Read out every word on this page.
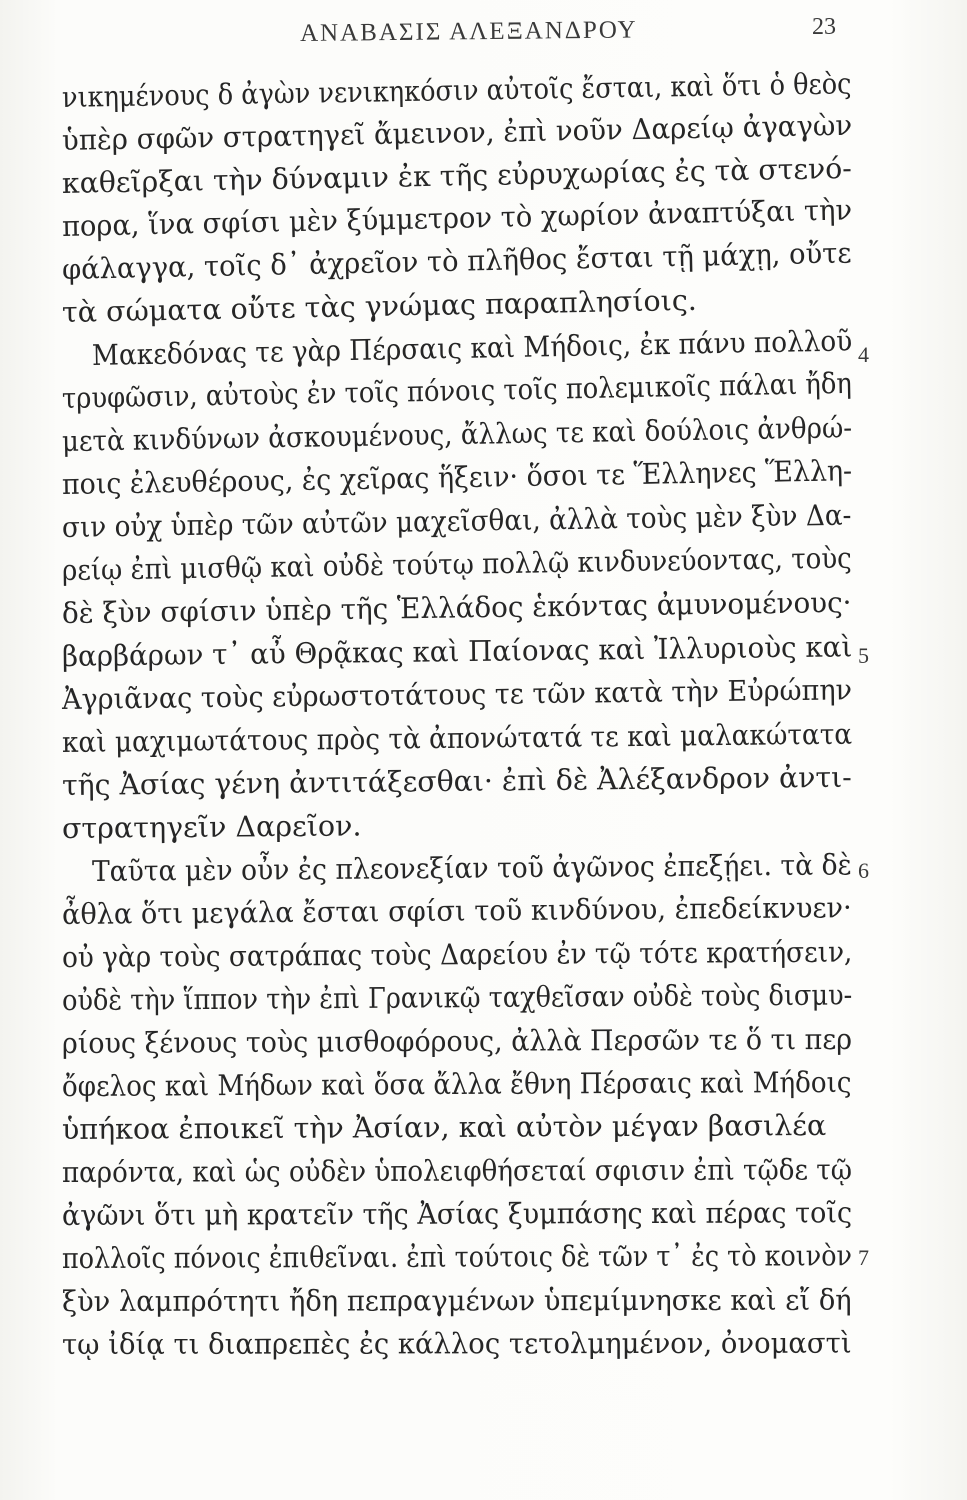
ΑΝΑΒΑΣΙΣ ΑΛΕΞΑΝΔΡΟΥ	23
νικημένους δ ἀγὼν νενικηκόσιν αὐτοῖς ἔσται, καὶ ὅτι ὁ θεὸς
ὑπὲρ σφῶν στρατηγεῖ ἄμεινον, ἐπὶ νοῦν Δαρείῳ ἀγαγὼν
καθεῖρξαι τὴν δύναμιν ἐκ τῆς εὐρυχωρίας ἐς τὰ στενό-
πορα, ἵνα σφίσι μὲν ξύμμετρον τὸ χωρίον ἀναπτύξαι τὴν
φάλαγγα, τοῖς δ᾽ ἀχρεῖον τὸ πλῆθος ἔσται τῇ μάχῃ, οὔτε
τὰ σώματα οὔτε τὰς γνώμας παραπλησίοις.
Μακεδόνας τε γὰρ Πέρσαις καὶ Μήδοις, ἐκ πάνυ πολλοῦ
τρυφῶσιν, αὐτοὺς ἐν τοῖς πόνοις τοῖς πολεμικοῖς πάλαι ἤδη
μετὰ κινδύνων ἀσκουμένους, ἄλλως τε καὶ δούλοις ἀνθρώ-
ποις ἐλευθέρους, ἐς χεῖρας ἥξειν· ὅσοι τε Ἕλληνες Ἕλλη-
σιν οὐχ ὑπὲρ τῶν αὐτῶν μαχεῖσθαι, ἀλλὰ τοὺς μὲν ξὺν Δα-
ρείῳ ἐπὶ μισθῷ καὶ οὐδὲ τούτῳ πολλῷ κινδυνεύοντας, τοὺς
δὲ ξὺν σφίσιν ὑπὲρ τῆς Ἑλλάδος ἑκόντας ἀμυνομένους·
βαρβάρων τ᾽ αὖ Θρᾷκας καὶ Παίονας καὶ Ἰλλυριοὺς καὶ
Ἀγριᾶνας τοὺς εὐρωστοτάτους τε τῶν κατὰ τὴν Εὐρώπην
καὶ μαχιμωτάτους πρὸς τὰ ἀπονώτατά τε καὶ μαλακώτατα
τῆς Ἀσίας γένη ἀντιτάξεσθαι· ἐπὶ δὲ Ἀλέξανδρον ἀντι-
στρατηγεῖν Δαρεῖον.
Ταῦτα μὲν οὖν ἐς πλεονεξίαν τοῦ ἀγῶνος ἐπεξῄει. τὰ δὲ
ἆθλα ὅτι μεγάλα ἔσται σφίσι τοῦ κινδύνου, ἐπεδείκνυεν·
οὐ γὰρ τοὺς σατράπας τοὺς Δαρείου ἐν τῷ τότε κρατήσειν,
οὐδὲ τὴν ἵππον τὴν ἐπὶ Γρανικῷ ταχθεῖσαν οὐδὲ τοὺς δισμυ-
ρίους ξένους τοὺς μισθοφόρους, ἀλλὰ Περσῶν τε ὅ τι περ
ὄφελος καὶ Μήδων καὶ ὅσα ἄλλα ἔθνη Πέρσαις καὶ Μήδοις
ὑπήκοα ἐποικεῖ τὴν Ἀσίαν, καὶ αὐτὸν μέγαν βασιλέα
παρόντα, καὶ ὡς οὐδὲν ὑπολειφθήσεταί σφισιν ἐπὶ τῷδε τῷ
ἀγῶνι ὅτι μὴ κρατεῖν τῆς Ἀσίας ξυμπάσης καὶ πέρας τοῖς
πολλοῖς πόνοις ἐπιθεῖναι. ἐπὶ τούτοις δὲ τῶν τ᾽ ἐς τὸ κοινὸν
ξὺν λαμπρότητι ἤδη πεπραγμένων ὑπεμίμνησκε καὶ εἴ δή
τῳ ἰδίᾳ τι διαπρεπὲς ἐς κάλλος τετολμημένον, ὀνομαστὶ
4
5
6
7
